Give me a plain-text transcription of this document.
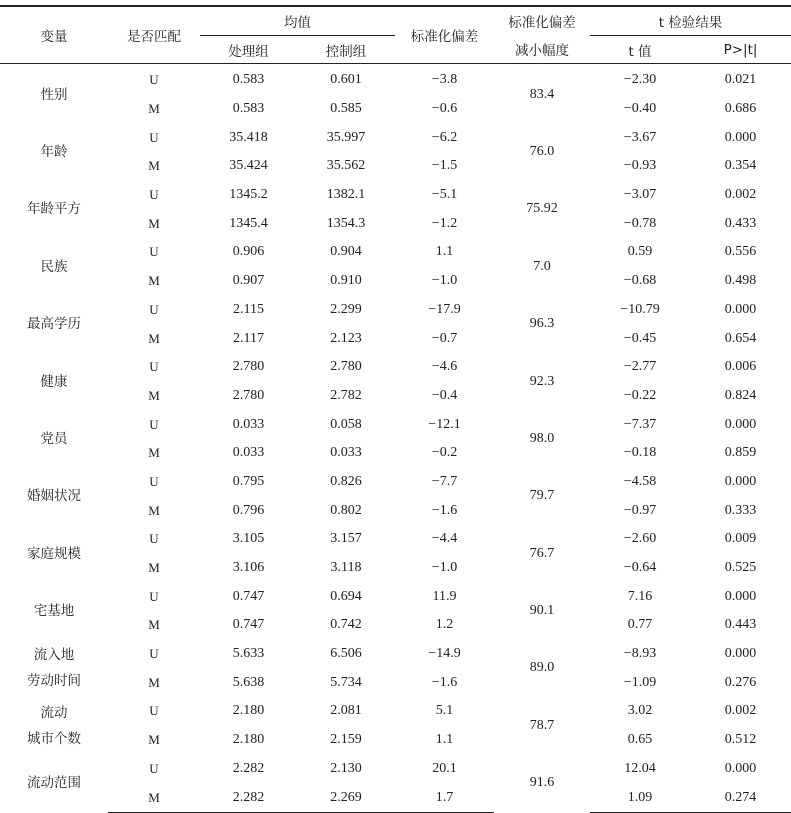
变量	是否匹配	均值		标准化偏差	标准化偏差	t 检验结果	
		处理组	控制组		减小幅度	t 值	P>|t|

性别	U	0.583	0.601	−3.8	83.4	−2.30	0.021
	M	0.583	0.585	−0.6		−0.40	0.686

年龄	U	35.418	35.997	−6.2	76.0	−3.67	0.000
	M	35.424	35.562	−1.5		−0.93	0.354

年龄平方	U	1345.2	1382.1	−5.1	75.92	−3.07	0.002
	M	1345.4	1354.3	−1.2		−0.78	0.433

民族	U	0.906	0.904	1.1	7.0	0.59	0.556
	M	0.907	0.910	−1.0		−0.68	0.498

最高学历	U	2.115	2.299	−17.9	96.3	−10.79	0.000
	M	2.117	2.123	−0.7		−0.45	0.654

健康	U	2.780	2.780	−4.6	92.3	−2.77	0.006
	M	2.780	2.782	−0.4		−0.22	0.824

党员	U	0.033	0.058	−12.1	98.0	−7.37	0.000
	M	0.033	0.033	−0.2		−0.18	0.859

婚姻状况	U	0.795	0.826	−7.7	79.7	−4.58	0.000
	M	0.796	0.802	−1.6		−0.97	0.333

家庭规模	U	3.105	3.157	−4.4	76.7	−2.60	0.009
	M	3.106	3.118	−1.0		−0.64	0.525

宅基地	U	0.747	0.694	11.9	90.1	7.16	0.000
	M	0.747	0.742	1.2		0.77	0.443

流入地
劳动时间	U	5.633	6.506	−14.9	89.0	−8.93	0.000
	M	5.638	5.734	−1.6		−1.09	0.276

流动
城市个数	U	2.180	2.081	5.1	78.7	3.02	0.002
	M	2.180	2.159	1.1		0.65	0.512

流动范围	U	2.282	2.130	20.1	91.6	12.04	0.000
	M	2.282	2.269	1.7		1.09	0.274
